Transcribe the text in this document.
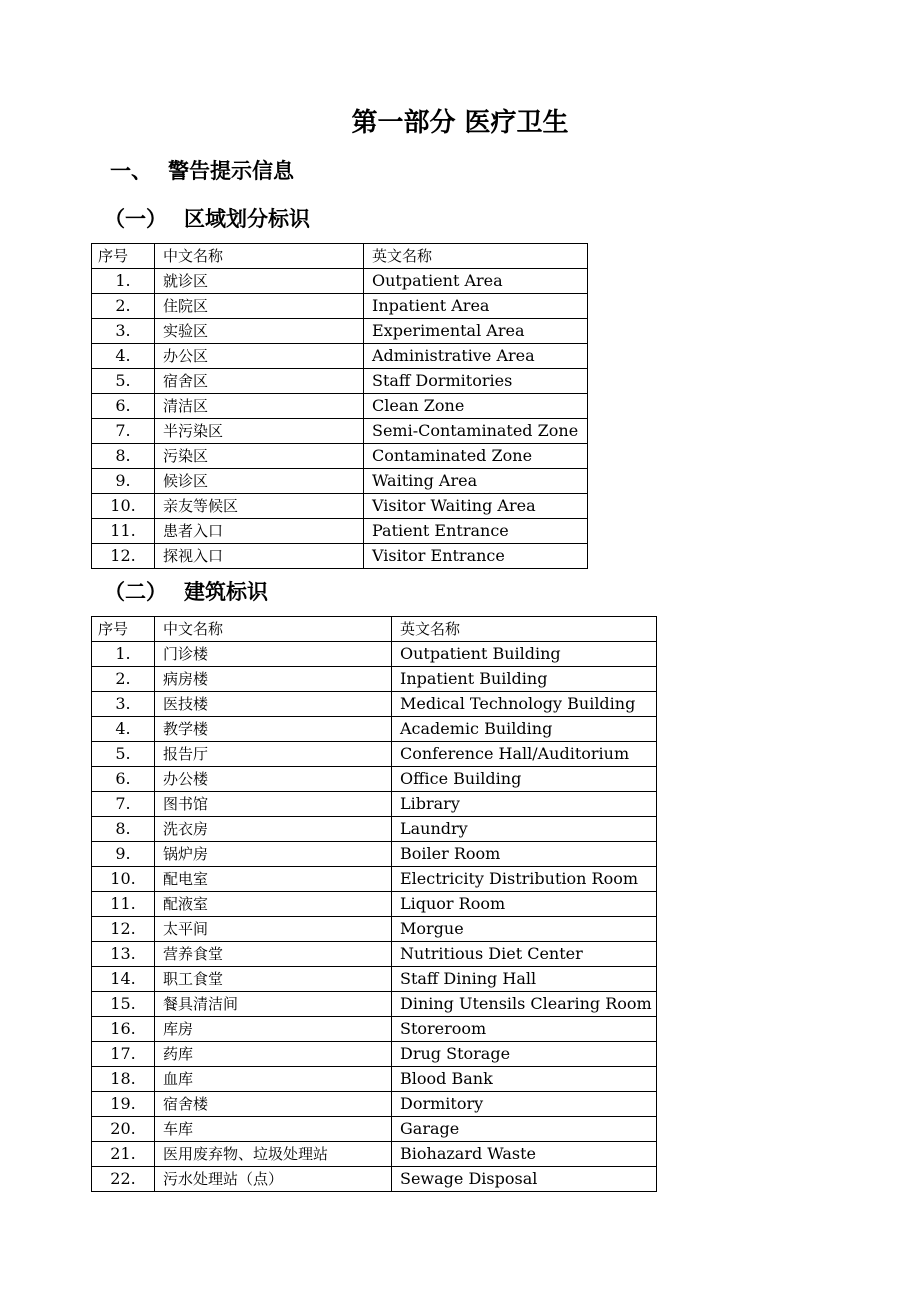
第一部分 医疗卫生
一、 警告提示信息
（一） 区域划分标识
序号	中文名称	英文名称
1.	就诊区	Outpatient Area
2.	住院区	Inpatient Area
3.	实验区	Experimental Area
4.	办公区	Administrative Area
5.	宿舍区	Staff Dormitories
6.	清洁区	Clean Zone
7.	半污染区	Semi-Contaminated Zone
8.	污染区	Contaminated Zone
9.	候诊区	Waiting Area
10.	亲友等候区	Visitor Waiting Area
11.	患者入口	Patient Entrance
12.	探视入口	Visitor Entrance
（二） 建筑标识
序号	中文名称	英文名称
1.	门诊楼	Outpatient Building
2.	病房楼	Inpatient Building
3.	医技楼	Medical Technology Building
4.	教学楼	Academic Building
5.	报告厅	Conference Hall/Auditorium
6.	办公楼	Office Building
7.	图书馆	Library
8.	洗衣房	Laundry
9.	锅炉房	Boiler Room
10.	配电室	Electricity Distribution Room
11.	配液室	Liquor Room
12.	太平间	Morgue
13.	营养食堂	Nutritious Diet Center
14.	职工食堂	Staff Dining Hall
15.	餐具清洁间	Dining Utensils Clearing Room
16.	库房	Storeroom
17.	药库	Drug Storage
18.	血库	Blood Bank
19.	宿舍楼	Dormitory
20.	车库	Garage
21.	医用废弃物、垃圾处理站	Biohazard Waste
22.	污水处理站（点）	Sewage Disposal
